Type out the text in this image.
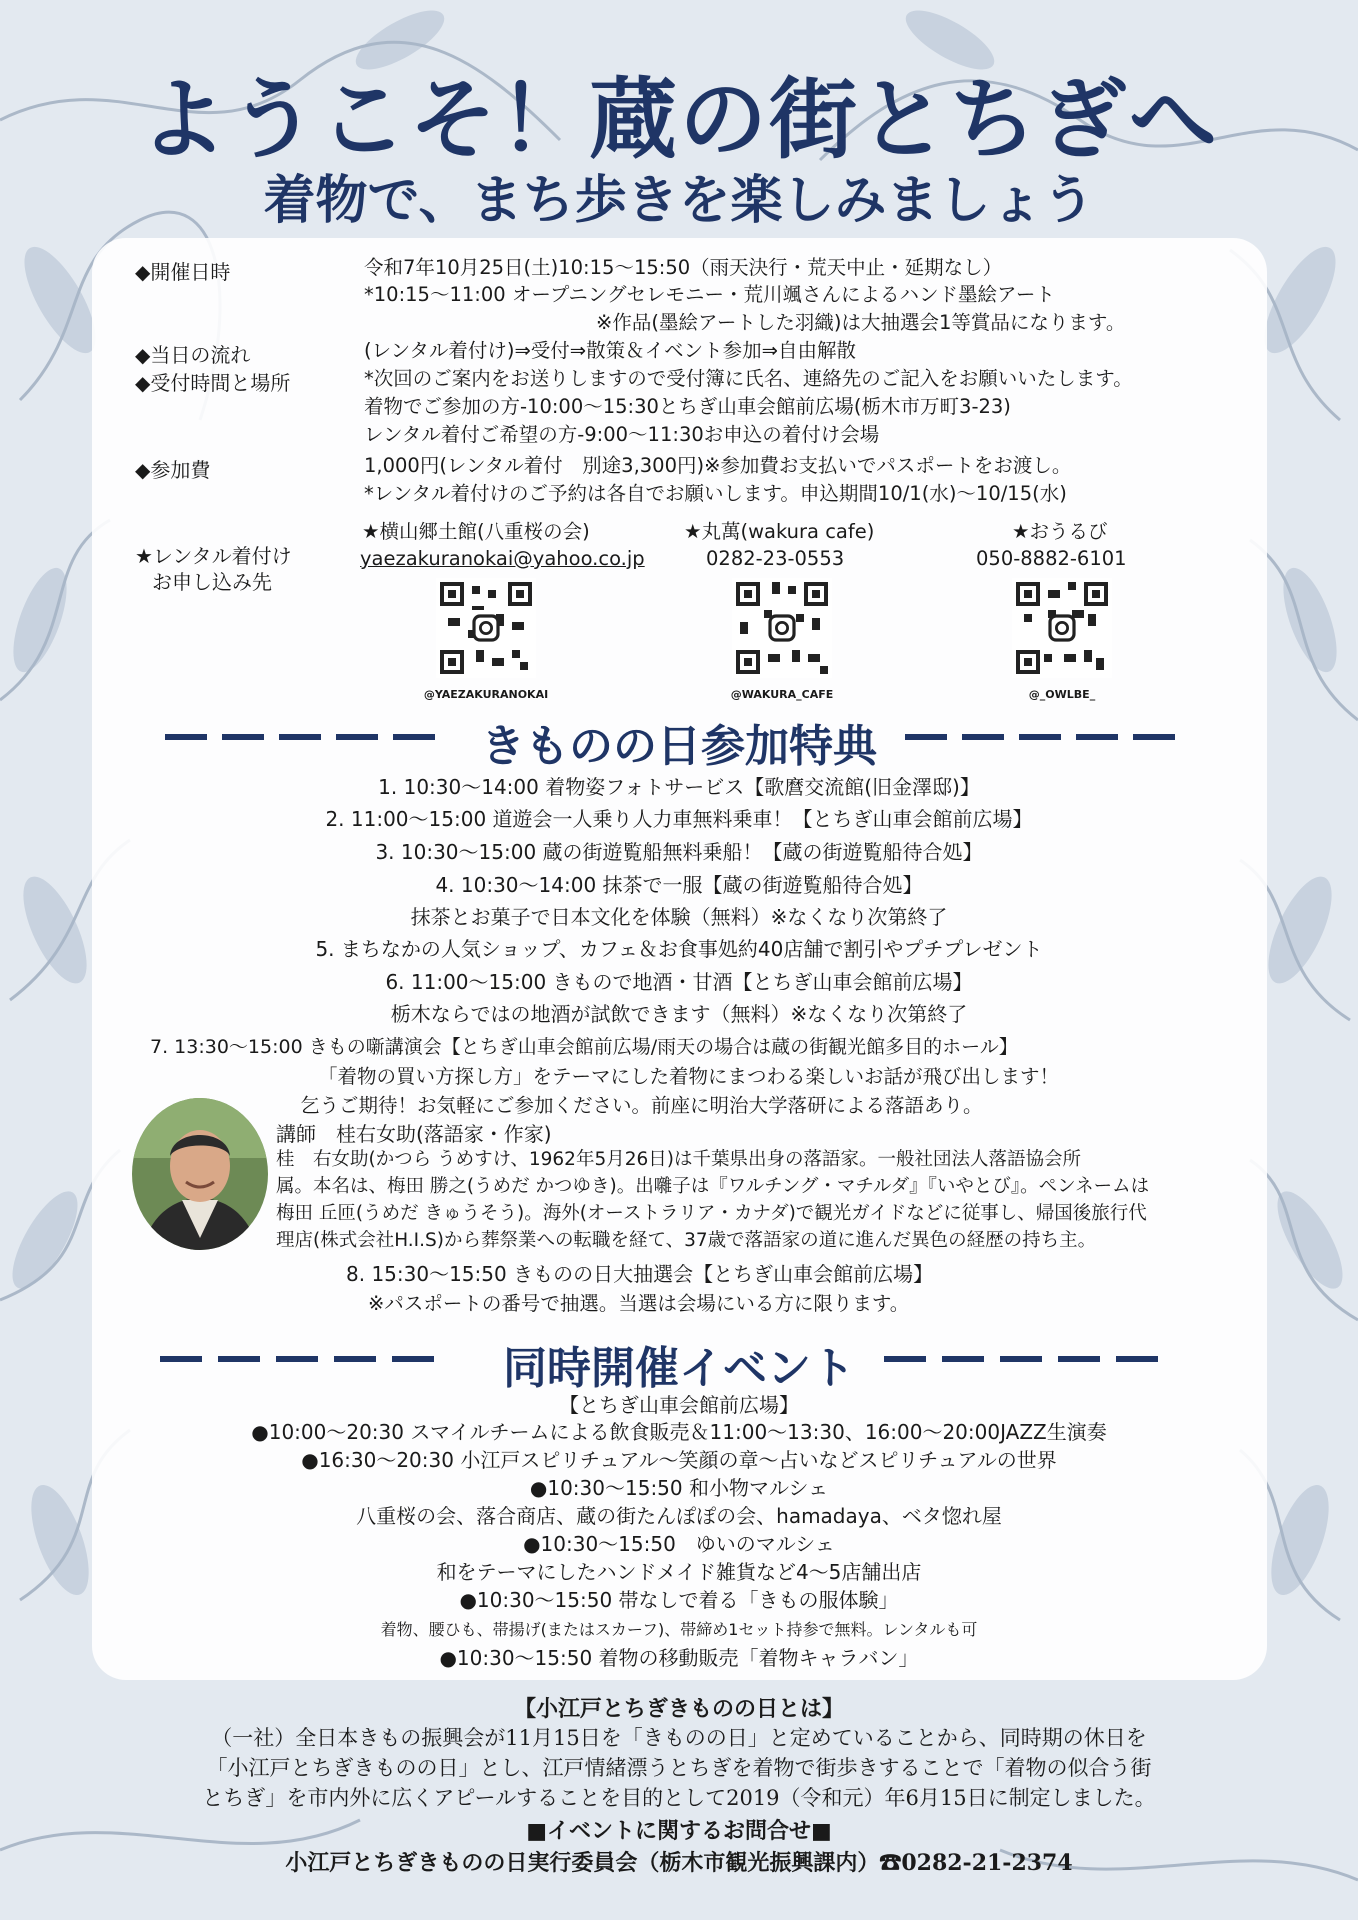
ようこそ！蔵の街とちぎへ
着物で、まち歩きを楽しみましょう
◆開催日時	令和7年10月25日(土)10:15〜15:50（雨天決行・荒天中止・延期なし）
*10:15〜11:00 オープニングセレモニー・荒川颯さんによるハンド墨絵アート
※作品(墨絵アートした羽織)は大抽選会1等賞品になります。
◆当日の流れ	(レンタル着付け)⇒受付⇒散策＆イベント参加⇒自由解散
◆受付時間と場所	*次回のご案内をお送りしますので受付簿に氏名、連絡先のご記入をお願いいたします。
着物でご参加の方-10:00〜15:30とちぎ山車会館前広場(栃木市万町3-23)
レンタル着付ご希望の方-9:00〜11:30お申込の着付け会場
◆参加費	1,000円(レンタル着付　別途3,300円)※参加費お支払いでパスポートをお渡し。
*レンタル着付けのご予約は各自でお願いします。申込期間10/1(水)〜10/15(水)
★レンタル着付け
お申し込み先
★横山郷土館(八重桜の会)
yaezakuranokai@yahoo.co.jp
★丸萬(wakura cafe)
0282-23-0553
★おうるび
050-8882-6101
@YAEZAKURANOKAI	@WAKURA_CAFE	@_OWLBE_
きものの日参加特典
1. 10:30〜14:00 着物姿フォトサービス【歌麿交流館(旧金澤邸)】
2. 11:00〜15:00 道遊会一人乗り人力車無料乗車！【とちぎ山車会館前広場】
3. 10:30〜15:00 蔵の街遊覧船無料乗船！【蔵の街遊覧船待合処】
4. 10:30〜14:00 抹茶で一服【蔵の街遊覧船待合処】
抹茶とお菓子で日本文化を体験（無料）※なくなり次第終了
5. まちなかの人気ショップ、カフェ＆お食事処約40店舗で割引やプチプレゼント
6. 11:00〜15:00 きもので地酒・甘酒【とちぎ山車会館前広場】
栃木ならではの地酒が試飲できます（無料）※なくなり次第終了
7. 13:30〜15:00 きもの噺講演会【とちぎ山車会館前広場/雨天の場合は蔵の街観光館多目的ホール】
「着物の買い方探し方」をテーマにした着物にまつわる楽しいお話が飛び出します！
乞うご期待！お気軽にご参加ください。前座に明治大学落研による落語あり。
講師　桂右女助(落語家・作家)
桂　右女助(かつら うめすけ、1962年5月26日)は千葉県出身の落語家。一般社団法人落語協会所
属。本名は、梅田 勝之(うめだ かつゆき)。出囃子は『ワルチング・マチルダ』『いやとび』。ペンネームは
梅田 丘匝(うめだ きゅうそう)。海外(オーストラリア・カナダ)で観光ガイドなどに従事し、帰国後旅行代
理店(株式会社H.I.S)から葬祭業への転職を経て、37歳で落語家の道に進んだ異色の経歴の持ち主。
8. 15:30〜15:50 きものの日大抽選会【とちぎ山車会館前広場】
※パスポートの番号で抽選。当選は会場にいる方に限ります。
同時開催イベント
【とちぎ山車会館前広場】
●10:00〜20:30 スマイルチームによる飲食販売＆11:00〜13:30、16:00〜20:00JAZZ生演奏
●16:30〜20:30 小江戸スピリチュアル〜笑顔の章〜占いなどスピリチュアルの世界
●10:30〜15:50 和小物マルシェ
八重桜の会、落合商店、蔵の街たんぽぽの会、hamadaya、ベタ惚れ屋
●10:30〜15:50　ゆいのマルシェ
和をテーマにしたハンドメイド雑貨など4〜5店舗出店
●10:30〜15:50 帯なしで着る「きもの服体験」
着物、腰ひも、帯揚げ(またはスカーフ)、帯締め1セット持参で無料。レンタルも可
●10:30〜15:50 着物の移動販売「着物キャラバン」
【小江戸とちぎきものの日とは】
（一社）全日本きもの振興会が11月15日を「きものの日」と定めていることから、同時期の休日を
「小江戸とちぎきものの日」とし、江戸情緒漂うとちぎを着物で街歩きすることで「着物の似合う街
とちぎ」を市内外に広くアピールすることを目的として2019（令和元）年6月15日に制定しました。
■イベントに関するお問合せ■
小江戸とちぎきものの日実行委員会（栃木市観光振興課内）☎0282-21-2374
